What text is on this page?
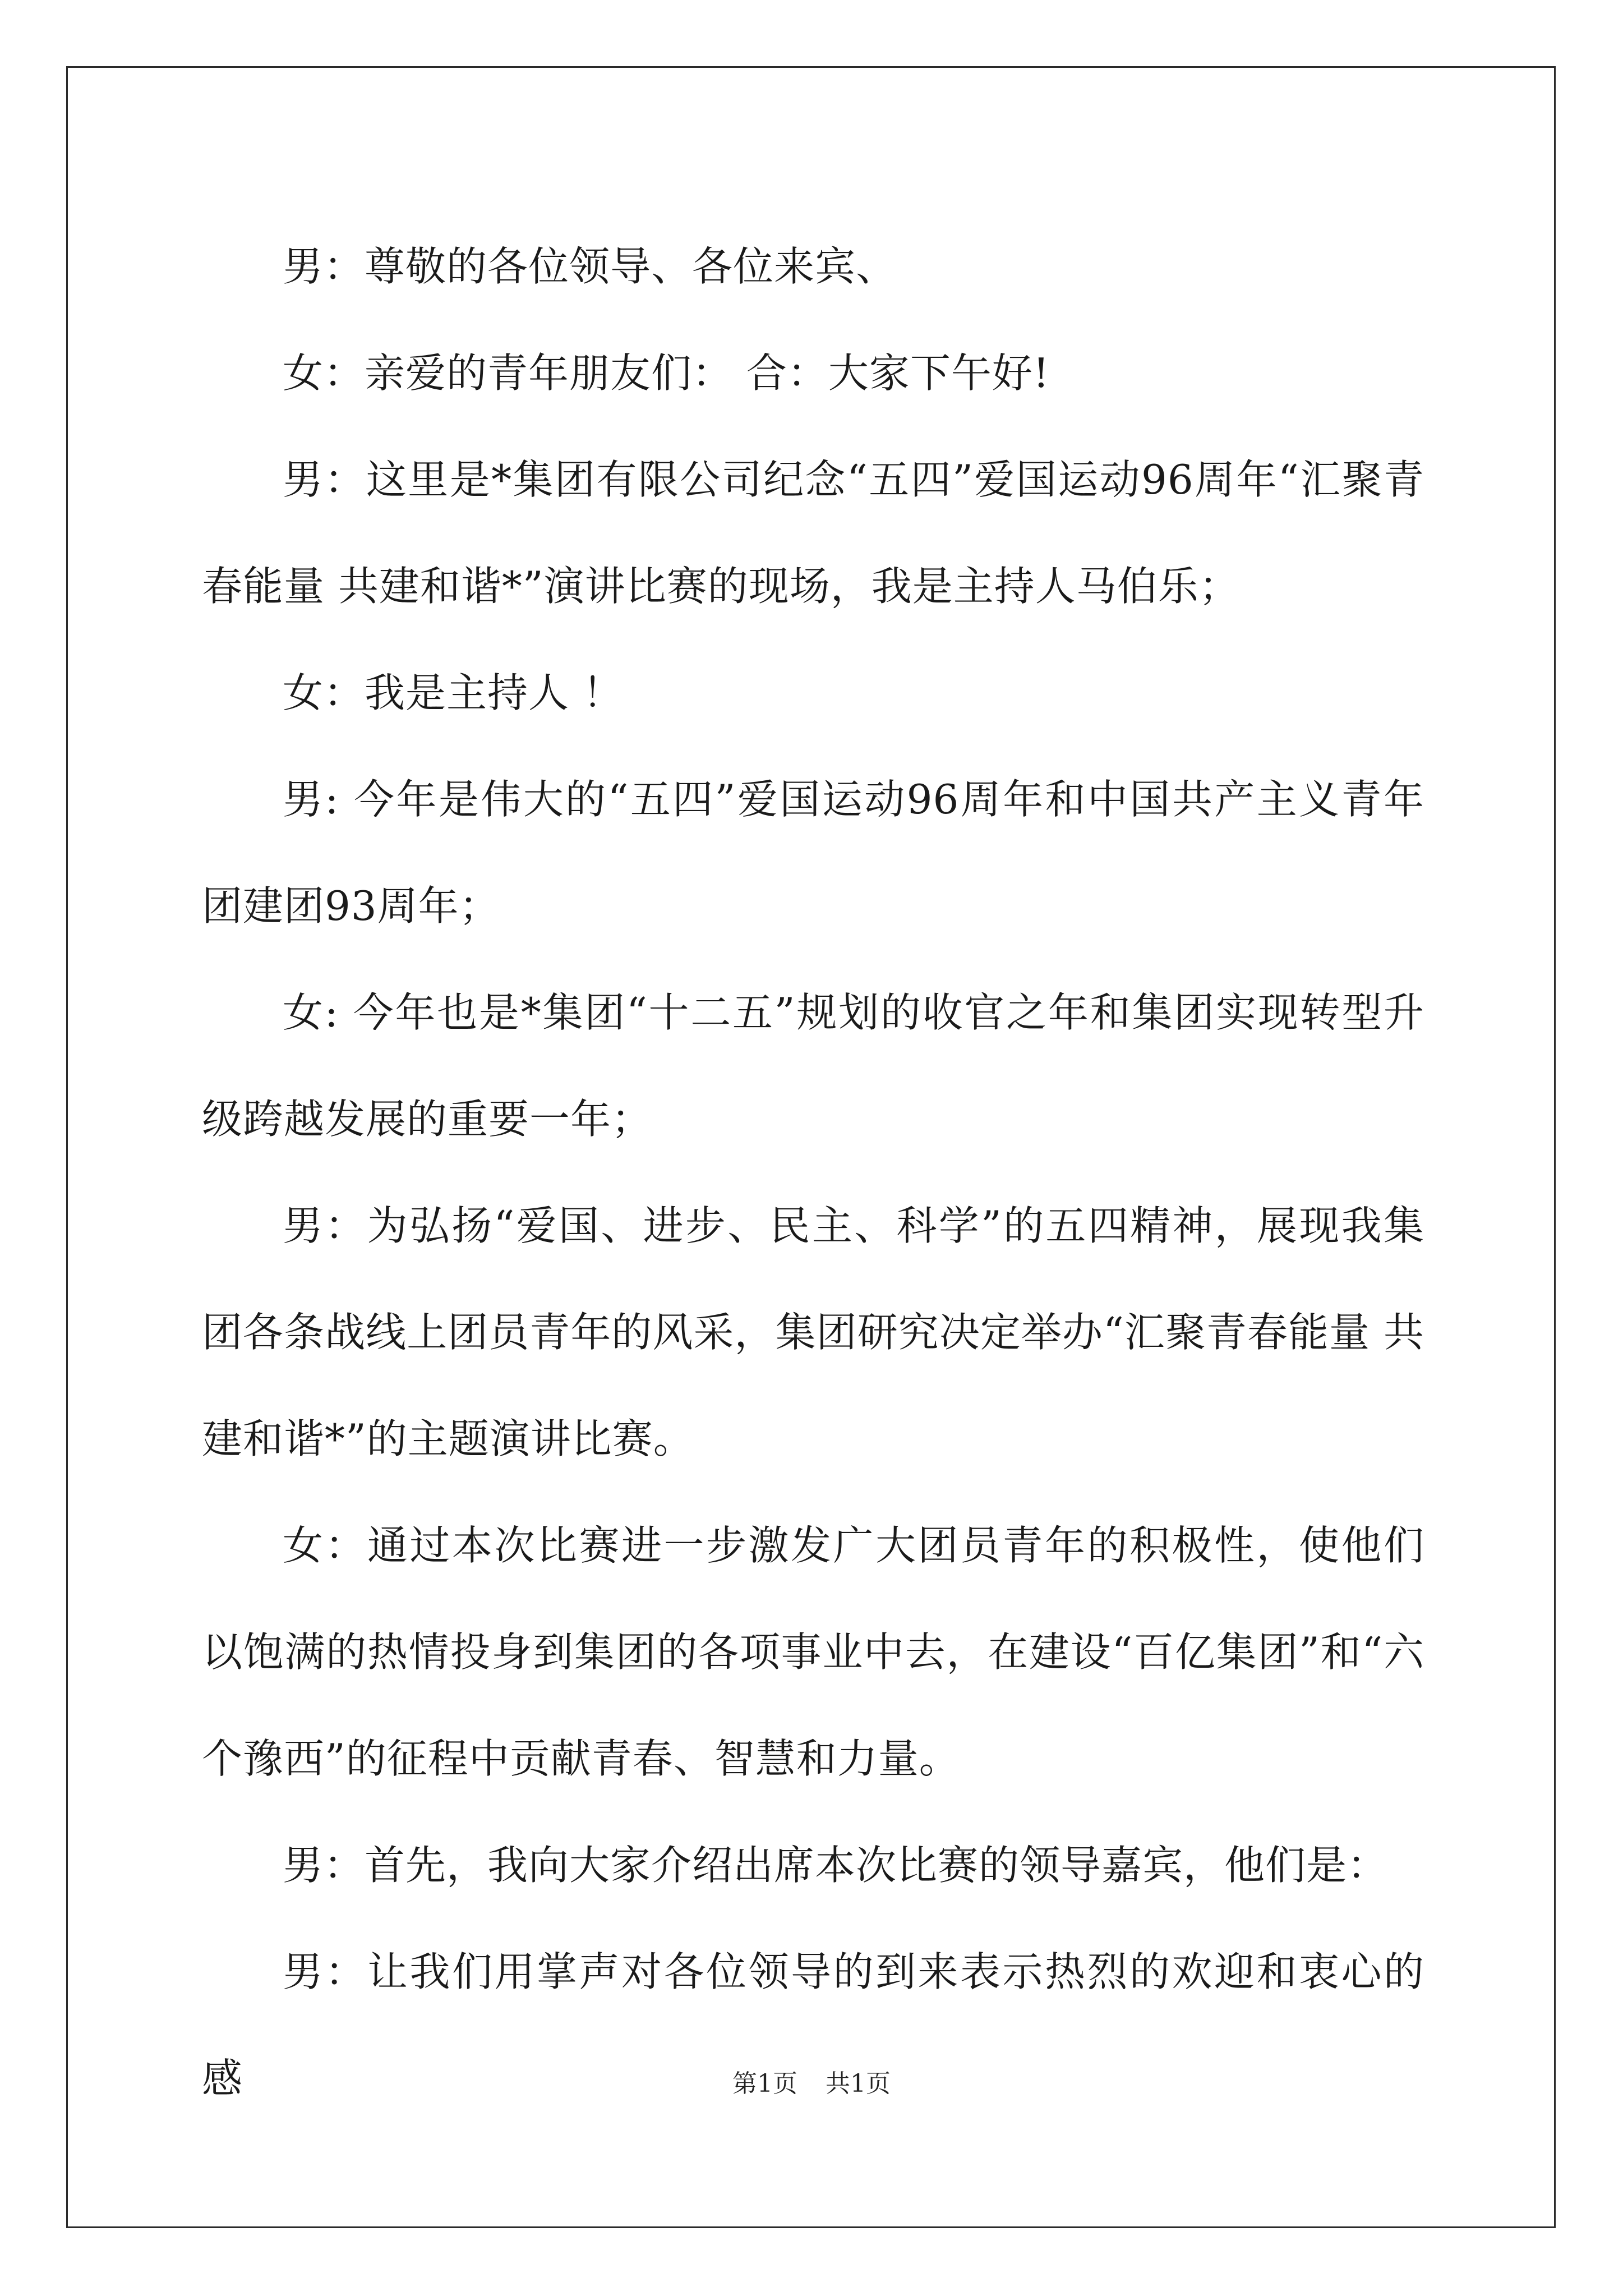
男：尊敬的各位领导、各位来宾、

女：亲爱的青年朋友们： 合：大家下午好!

男：这里是*集团有限公司纪念“五四”爱国运动96周年“汇聚青春能量 共建和谐*”演讲比赛的现场，我是主持人马伯乐；

女：我是主持人 ！

男: 今年是伟大的“五四”爱国运动96周年和中国共产主义青年团建团93周年；

女: 今年也是*集团“十二五”规划的收官之年和集团实现转型升级跨越发展的重要一年；

男：为弘扬“爱国、进步、民主、科学”的五四精神，展现我集团各条战线上团员青年的风采，集团研究决定举办“汇聚青春能量 共建和谐*”的主题演讲比赛。

女：通过本次比赛进一步激发广大团员青年的积极性，使他们以饱满的热情投身到集团的各项事业中去，在建设“百亿集团”和“六个豫西”的征程中贡献青春、智慧和力量。

男：首先，我向大家介绍出席本次比赛的领导嘉宾，他们是：

男：让我们用掌声对各位领导的到来表示热烈的欢迎和衷心的感	第1页 共1页
